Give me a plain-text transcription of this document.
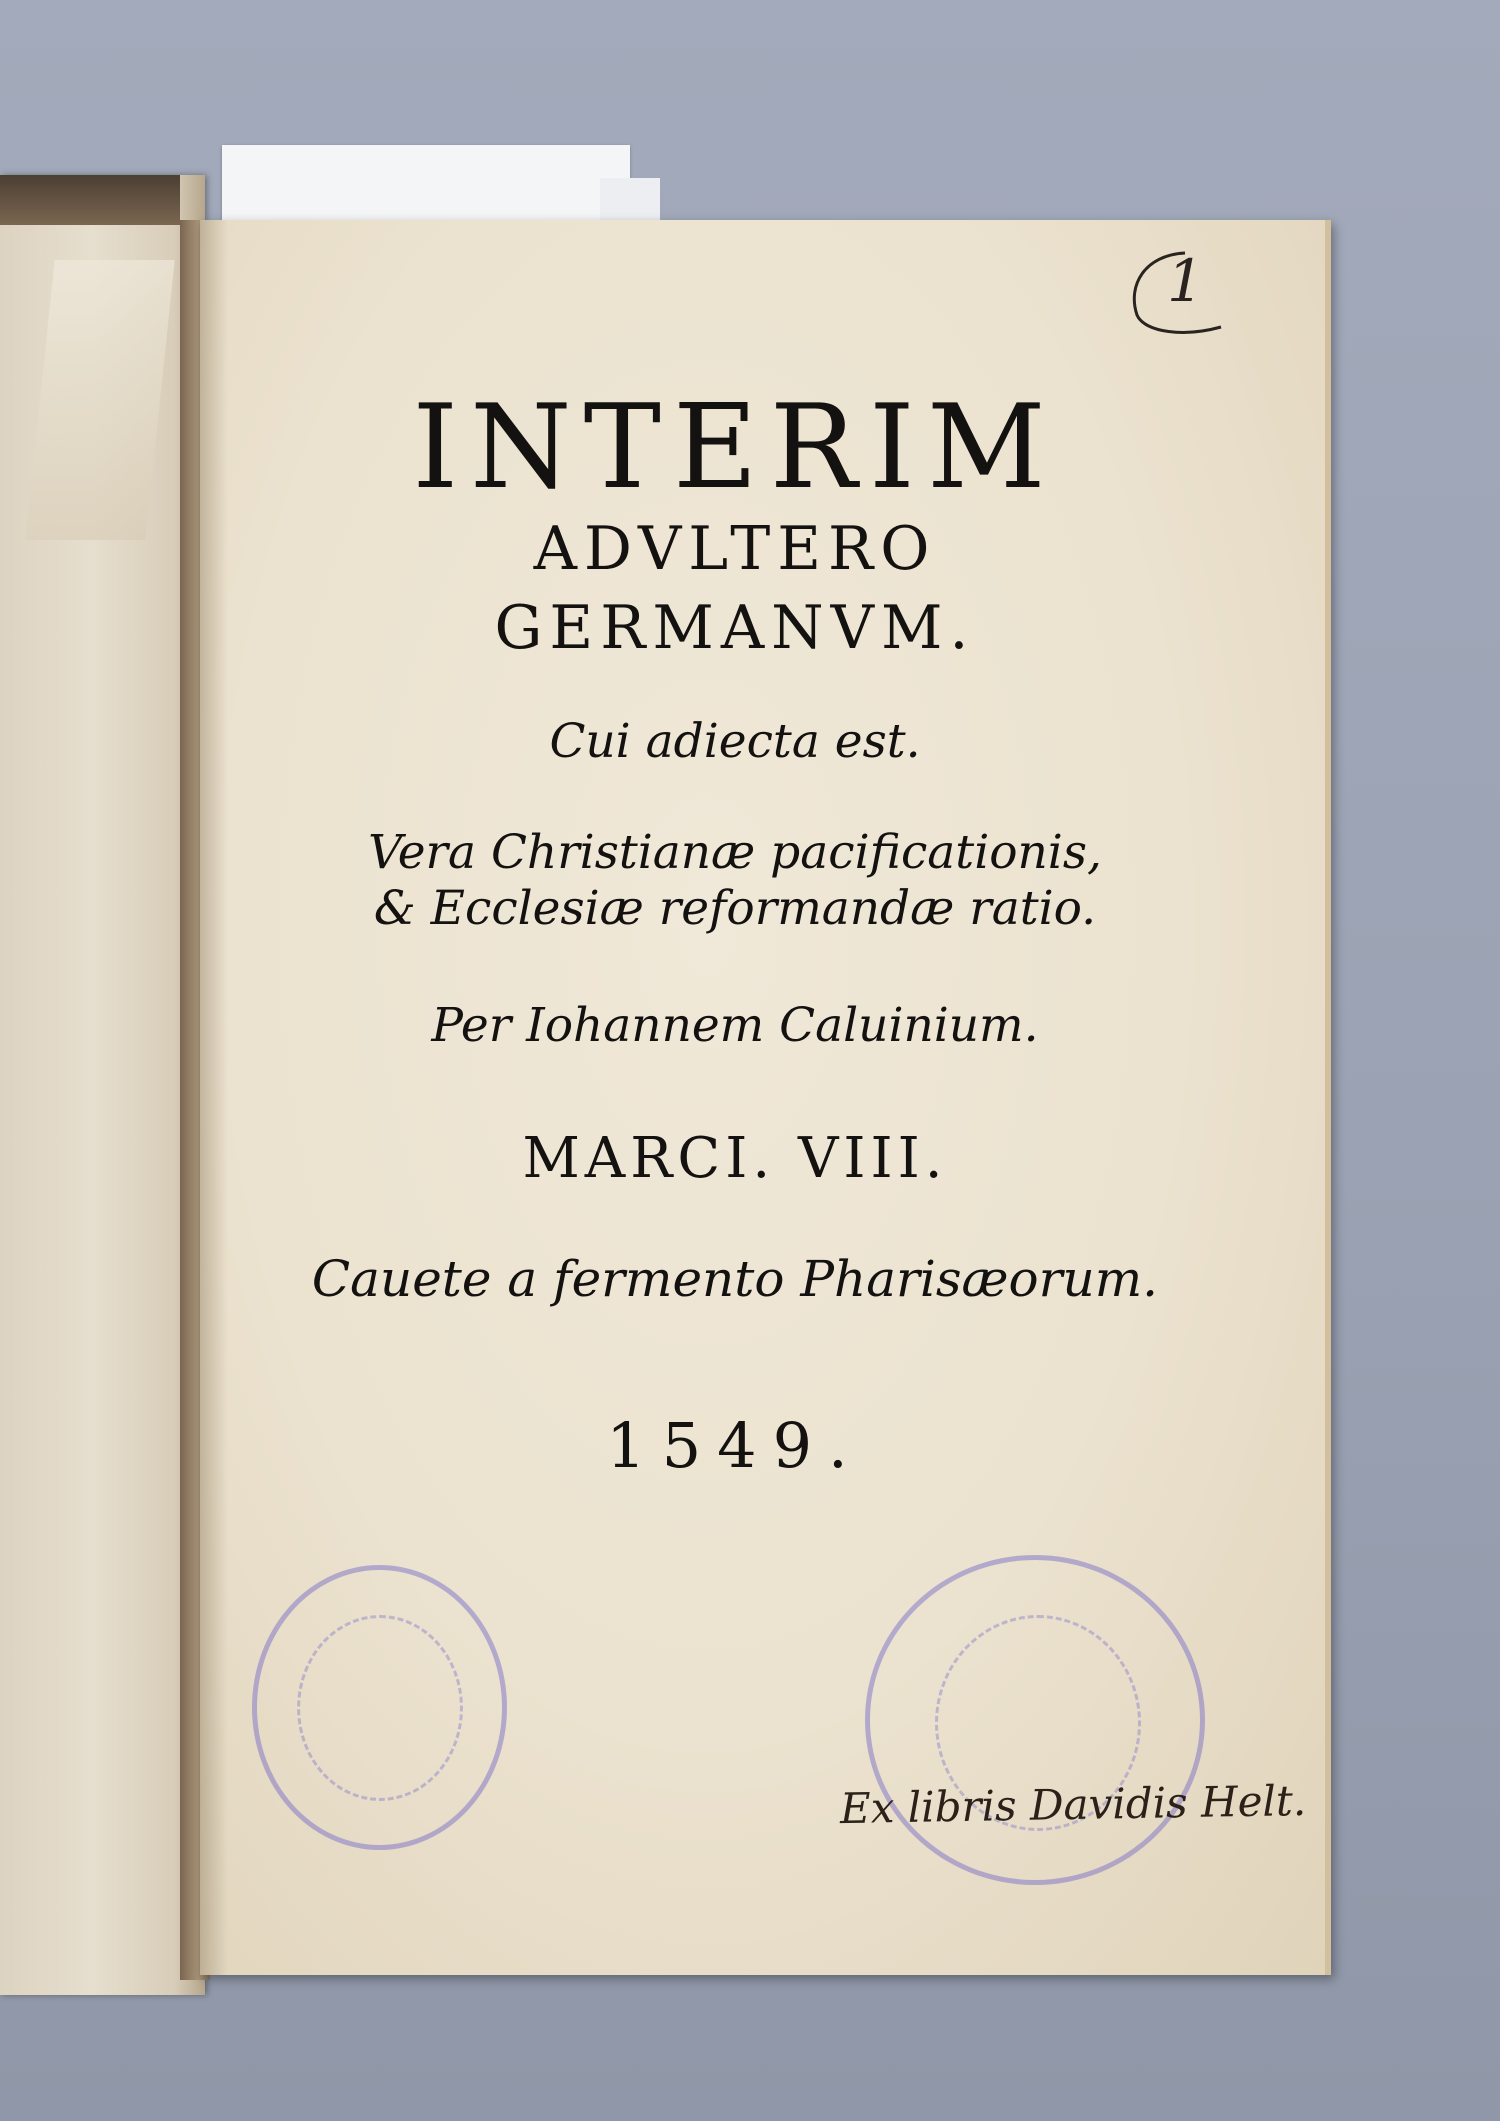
1
INTERIM
ADVLTERO
GERMANVM.
Cui adiecta est.
Vera Christianæ pacificationis,
& Ecclesiæ reformandæ ratio.
Per Iohannem Caluinium.
MARCI. VIII.
Cauete a fermento Pharisæorum.
1549.
Ex libris Davidis Helt.
